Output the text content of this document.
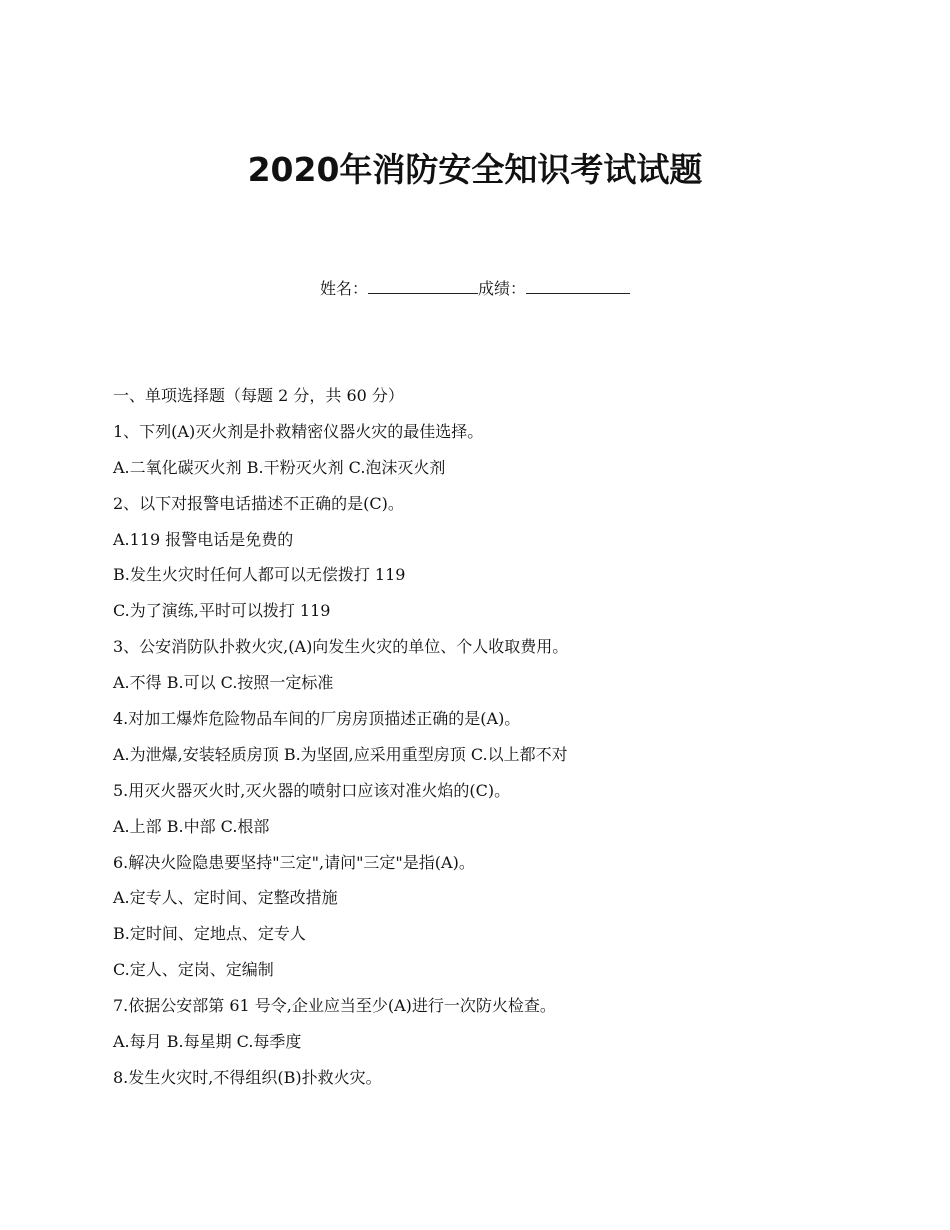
2020年消防安全知识考试试题
姓名：	成绩：
一、单项选择题（每题 2 分，共 60 分）
1、下列(A)灭火剂是扑救精密仪器火灾的最佳选择。
A.二氧化碳灭火剂 B.干粉灭火剂 C.泡沫灭火剂
2、以下对报警电话描述不正确的是(C)。
A.119 报警电话是免费的
B.发生火灾时任何人都可以无偿拨打 119
C.为了演练,平时可以拨打 119
3、公安消防队扑救火灾,(A)向发生火灾的单位、个人收取费用。
A.不得 B.可以 C.按照一定标准
4.对加工爆炸危险物品车间的厂房房顶描述正确的是(A)。
A.为泄爆,安装轻质房顶 B.为坚固,应采用重型房顶 C.以上都不对
5.用灭火器灭火时,灭火器的喷射口应该对准火焰的(C)。
A.上部 B.中部 C.根部
6.解决火险隐患要坚持"三定",请问"三定"是指(A)。
A.定专人、定时间、定整改措施
B.定时间、定地点、定专人
C.定人、定岗、定编制
7.依据公安部第 61 号令,企业应当至少(A)进行一次防火检查。
A.每月 B.每星期 C.每季度
8.发生火灾时,不得组织(B)扑救火灾。
